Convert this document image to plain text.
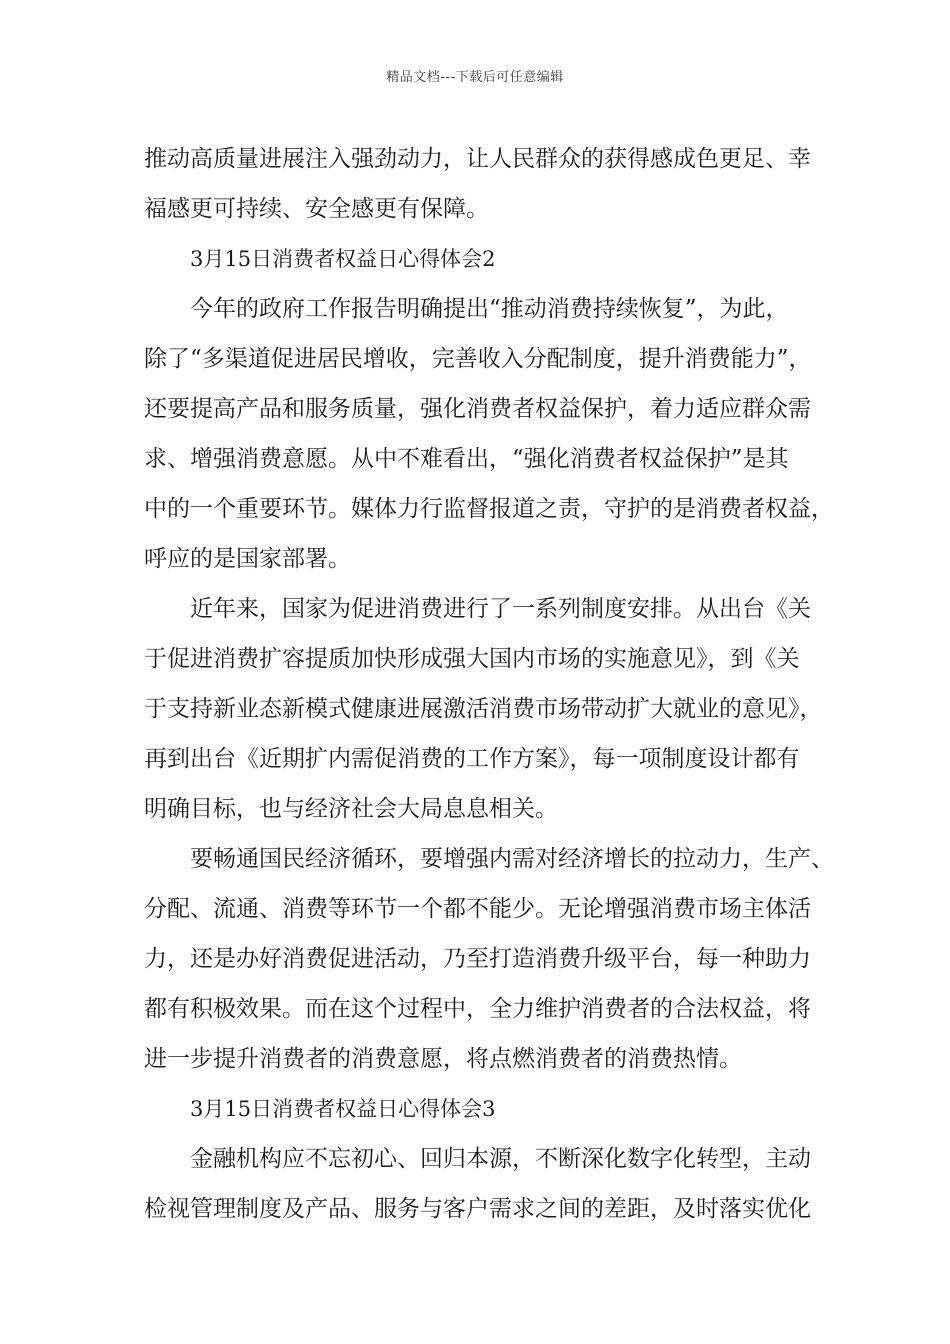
精品文档---下载后可任意编辑
推动高质量进展注入强劲动力，让人民群众的获得感成色更足、幸
福感更可持续、安全感更有保障。
3月15日消费者权益日心得体会2
今年的政府工作报告明确提出“推动消费持续恢复”，为此，
除了“多渠道促进居民增收，完善收入分配制度，提升消费能力”，
还要提高产品和服务质量，强化消费者权益保护，着力适应群众需
求、增强消费意愿。从中不难看出，“强化消费者权益保护”是其
中的一个重要环节。媒体力行监督报道之责，守护的是消费者权益，
呼应的是国家部署。
近年来，国家为促进消费进行了一系列制度安排。从出台《关
于促进消费扩容提质加快形成强大国内市场的实施意见》，到《关
于支持新业态新模式健康进展激活消费市场带动扩大就业的意见》，
再到出台《近期扩内需促消费的工作方案》，每一项制度设计都有
明确目标，也与经济社会大局息息相关。
要畅通国民经济循环，要增强内需对经济增长的拉动力，生产、
分配、流通、消费等环节一个都不能少。无论增强消费市场主体活
力，还是办好消费促进活动，乃至打造消费升级平台，每一种助力
都有积极效果。而在这个过程中，全力维护消费者的合法权益，将
进一步提升消费者的消费意愿，将点燃消费者的消费热情。
3月15日消费者权益日心得体会3
金融机构应不忘初心、回归本源，不断深化数字化转型，主动
检视管理制度及产品、服务与客户需求之间的差距，及时落实优化
